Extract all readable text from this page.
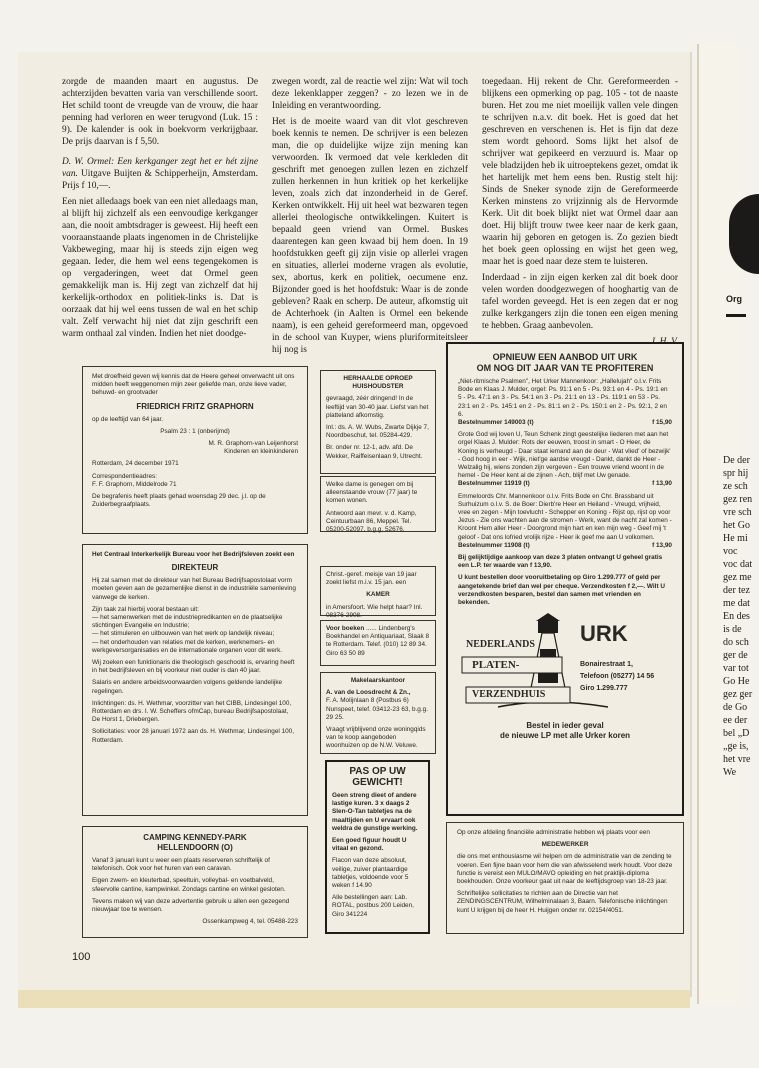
Org
De der spr hij ze sch gez ren vre sch het Go He mi voc voc dat gez me der tez me dat En des is de do sch ger de var tot Go He gez ger de Go ee der bel „D „ge is, het vre We

zorgde de maanden maart en augustus. De achterzijden bevatten varia van verschillende soort. Het schild toont de vreugde van de vrouw, die haar penning had verloren en weer terugvond (Luk. 15 : 9). De kalender is ook in boekvorm verkrijgbaar. De prijs daarvan is f 5,50.

D. W. Ormel: Een kerkganger zegt het er hét zijne van. Uitgave Buijten & Schipperheijn, Amsterdam. Prijs f 10,—.

Een niet alledaags boek van een niet alledaags man, al blijft hij zichzelf als een eenvoudige kerkganger aan, die nooit ambtsdrager is geweest. Hij heeft een vooraanstaande plaats ingenomen in de Christelijke Vakbeweging, maar hij is steeds zijn eigen weg gegaan. Ieder, die hem wel eens tegengekomen is op vergaderingen, weet dat Ormel geen gemakkelijk man is. Hij zegt van zichzelf dat hij kerkelijk-orthodox en politiek-links is. Dat is oorzaak dat hij wel eens tussen de wal en het schip valt. Zelf verwacht hij niet dat zijn geschrift een warm onthaal zal vinden. Indien het niet doodge-

zwegen wordt, zal de reactie wel zijn: Wat wil toch deze lekenklapper zeggen? - zo lezen we in de Inleiding en verantwoording.

Het is de moeite waard van dit vlot geschreven boek kennis te nemen. De schrijver is een belezen man, die op duidelijke wijze zijn mening kan verwoorden. Ik vermoed dat vele kerkleden dit geschrift met genoegen zullen lezen en zichzelf zullen herkennen in hun kritiek op het kerkelijke leven, zoals zich dat inzonderheid in de Geref. Kerken ontwikkelt. Hij uit heel wat bezwaren tegen allerlei theologische ontwikkelingen. Kuitert is bepaald geen vriend van Ormel. Buskes daarentegen kan geen kwaad bij hem doen. In 19 hoofdstukken geeft gij zijn visie op allerlei vragen en situaties, allerlei moderne vragen als evolutie, sex, abortus, kerk en politiek, oecumene enz. Bijzonder goed is het hoofdstuk: Waar is de zonde gebleven? Raak en scherp. De auteur, afkomstig uit de Achterhoek (in Aalten is Ormel een bekende naam), is een geheid gereformeerd man, opgevoed in de school van Kuyper, wiens pluriformiteitsleer hij nog is

toegedaan. Hij rekent de Chr. Gereformeerden - blijkens een opmerking op pag. 105 - tot de naaste buren. Het zou me niet moeilijk vallen vele dingen te schrijven n.a.v. dit boek. Het is goed dat het geschreven en verschenen is. Het is fijn dat deze stem wordt gehoord. Soms lijkt het alsof de schrijver wat gepikeerd en verzuurd is. Maar op vele bladzijden heb ik uitroeptekens gezet, omdat ik het hartelijk met hem eens ben. Rustig stelt hij: Sinds de Sneker synode zijn de Gereformeerde Kerken minstens zo vrijzinnig als de Hervormde Kerk. Uit dit boek blijkt niet wat Ormel daar aan doet. Hij blijft trouw twee keer naar de kerk gaan, waarin hij geboren en getogen is. Zo gezien biedt het boek geen oplossing en wijst het geen weg, maar het is goed naar deze stem te luisteren.

Inderdaad - in zijn eigen kerken zal dit boek door velen worden doodgezwegen of hooghartig van de tafel worden geveegd. Het is een zegen dat er nog zulke kerkgangers zijn die tonen een eigen mening te hebben. Graag aanbevolen.

J. H. V.

Met droefheid geven wij kennis dat de Heere geheel onverwacht uit ons midden heeft weggenomen mijn zeer geliefde man, onze lieve vader, behuwd- en grootvader

FRIEDRICH FRITZ GRAPHORN

op de leeftijd van 64 jaar.

Psalm 23 : 1 (onberijmd)

M. R. Graphorn-van Leijenhorst

Kinderen en kleinkinderen

Rotterdam, 24 december 1971

Correspondentieadres:

F. F. Graphorn, Middelrode 71

De begrafenis heeft plaats gehad woensdag 29 dec. j.l. op de Zuiderbegraafplaats.

Het Centraal Interkerkelijk Bureau voor het Bedrijfsleven zoekt een

DIREKTEUR

Hij zal samen met de direkteur van het Bureau Bedrijfsapostolaat vorm moeten geven aan de gezamenlijke dienst in de industriële samenleving vanwege de kerken.

Zijn taak zal hierbij vooral bestaan uit:

— het samenwerken met de industriepredikanten en de plaatselijke stichtingen Evangelie en Industrie;

— het stimuleren en uitbouwen van het werk op landelijk niveau;

— het onderhouden van relaties met de kerken, werknemers- en werkgeversorganisaties en de internationale organen voor dit werk.

Wij zoeken een funktionaris die theologisch geschoold is, ervaring heeft in het bedrijfsleven en bij voorkeur niet ouder is dan 40 jaar.

Salaris en andere arbeidsvoorwaarden volgens geldende landelijke regelingen.

Inlichtingen: ds. H. Wethmar, voorzitter van het CIBB, Lindesingel 100, Rotterdam en drs. I. W. Scheffers ofmCap, bureau Bedrijfsapostolaat, De Horst 1, Driebergen.

Sollicitaties: voor 28 januari 1972 aan ds. H. Wethmar, Lindesingel 100, Rotterdam.

CAMPING KENNEDY-PARK

HELLENDOORN (O)

Vanaf 3 januari kunt u weer een plaats reserveren schriftelijk of telefonisch. Ook voor het huren van een caravan.

Eigen zwem- en kleuterbad, speeltuin, volleybal- en voetbalveld, sfeervolle cantine, kampwinkel. Zondags cantine en winkel gesloten.

Tevens maken wij van deze advertentie gebruik u allen een gezegend nieuwjaar toe te wensen.

Ossenkampweg 4, tel. 05488-223

HERHAALDE OPROEP

HUISHOUDSTER

gevraagd, zéér dringend! In de leeftijd van 30-40 jaar. Liefst van het platteland afkomstig.

Inl.: ds. A. W. Wubs, Zwarte Dijkje 7, Noordbeschut, tel. 05284-429.

Br. onder nr. 12-1, adv. afd. De Wekker, Raiffeisenlaan 9, Utrecht.

Welke dame is genegen om bij alleenstaande vrouw (77 jaar) te komen wonen.

Antwoord aan mevr. v. d. Kamp, Ceintuurbaan 86, Meppel. Tel. 05200-52097, b.g.g. 52676.

Christ.-geref. meisje van 19 jaar zoekt liefst m.i.v. 15 jan. een

KAMER

in Amersfoort. Wie helpt haar? Inl. 08376-2908.

Voor boeken ...... Lindenberg's Boekhandel en Antiquariaat, Slaak 8 te Rotterdam. Telef. (010) 12 89 34. Giro 63 50 89

Makelaarskantoor

A. van de Loosdrecht & Zn.,

F. A. Molijnlaan 8 (Postbus 6) Nunspeet, telef. 03412-23 63, b.g.g. 29 25.

Vraagt vrijblijvend onze woningqids van te koop aangeboden woonhuizen op de N.W. Veluwe.

PAS OP UW GEWICHT!

Geen streng dieet of andere lastige kuren. 3 x daags 2 Slen-O-Tan tabletjes na de maaltijden en U ervaart ook weldra de gunstige werking.

Een goed figuur houdt U vitaal en gezond.

Flacon van deze absoluut, veilige, zuiver plantaardige tabletjes, voldoende voor 5 weken f 14.90

Alle bestellingen aan: Lab. ROTAL, postbus 200 Leiden, Giro 341224

OPNIEUW EEN AANBOD UIT URK

OM NOG DIT JAAR VAN TE PROFITEREN

„Niet-ritmische Psalmen", Het Urker Mannenkoor: „Hallelujah" o.l.v. Frits Bode en Klaas J. Mulder, orgel: Ps. 91:1 en 5 - Ps. 93:1 en 4 - Ps. 19:1 en 5 - Ps. 47:1 en 3 - Ps. 54:1 en 3 - Ps. 21:1 en 13 - Ps. 119:1 en 53 - Ps. 23:1 en 2 - Ps. 145:1 en 2 - Ps. 81:1 en 2 - Ps. 150:1 en 2 - Ps. 92:1, 2 en 6.

Bestelnummer 149003 (t)	f 15,90

Grote God wij loven U, Teun Schenk zingt geestelijke liederen met aan het orgel Klaas J. Mulder: Rots der eeuwen, troost in smart - O Heer, de Koning is verheugd - Daar staat iemand aan de deur - Wat vlied' of bezwijk' - God hoog in eer - Wijk, niet'ge aardse vreugd - Dankt, dankt de Heer - Welzalig hij, wiens zonden zijn vergeven - Een trouwe vriend woont in de hemel - De Heer kent al de zijnen - Ach, blijf met Uw genade.

Bestelnummer 11919 (t)	f 13,90

Emmeloords Chr. Mannenkoor o.l.v. Frits Bode en Chr. Brassband uit Surhuizum o.l.v. S. de Boer: Dierb're Heer en Heiland - Vreugd, vrijheid, vree en zegen - Mijn toevlucht - Schepper en Koning - Rijst op, rijst op voor Jezus - Zie ons wachten aan de stromen - Werk, want de nacht zal komen - Kroont Hem aller Heer - Doorgrond mijn hart en ken mijn weg - Geef mij 't geloof - Dat ons lofried vrolijk rijze - Heer ik geef me aan U volkomen.

Bestelnummer 11908 (t)	f 13,90

Bij gelijktijdige aankoop van deze 3 platen ontvangt U geheel gratis een L.P. ter waarde van f 13,90.

U kunt bestellen door vooruitbetaling op Giro 1.299.777 of geld per aangetekende brief dan wel per cheque. Verzendkosten f 2,—. Wilt U verzendkosten besparen, bestel dan samen met vrienden en bekenden.

NEDERLANDS
PLATEN-
VERZENDHUIS
URK
Bonairestraat 1,
Telefoon (05277) 14 56
Giro 1.299.777

Bestel in ieder geval

de nieuwe LP met alle Urker koren

Op onze afdeling financiële administratie hebben wij plaats voor een

MEDEWERKER

die ons met enthousiasme wil helpen om de administratie van de zending te voeren. Een fijne baan voor hem die van afwisselend werk houdt. Voor deze functie is vereist een MULO/MAVO opleiding en het praktijk-diploma boekhouden. Onze voorkeur gaat uit naar de leeftijdsgroep van 18-23 jaar.

Schriftelijke sollicitaties te richten aan de Directie van het ZENDINGSCENTRUM, Wilhelminalaan 3, Baarn. Telefonische inlichtingen kunt U krijgen bij de heer H. Huijgen onder nr. 02154/4051.

100
